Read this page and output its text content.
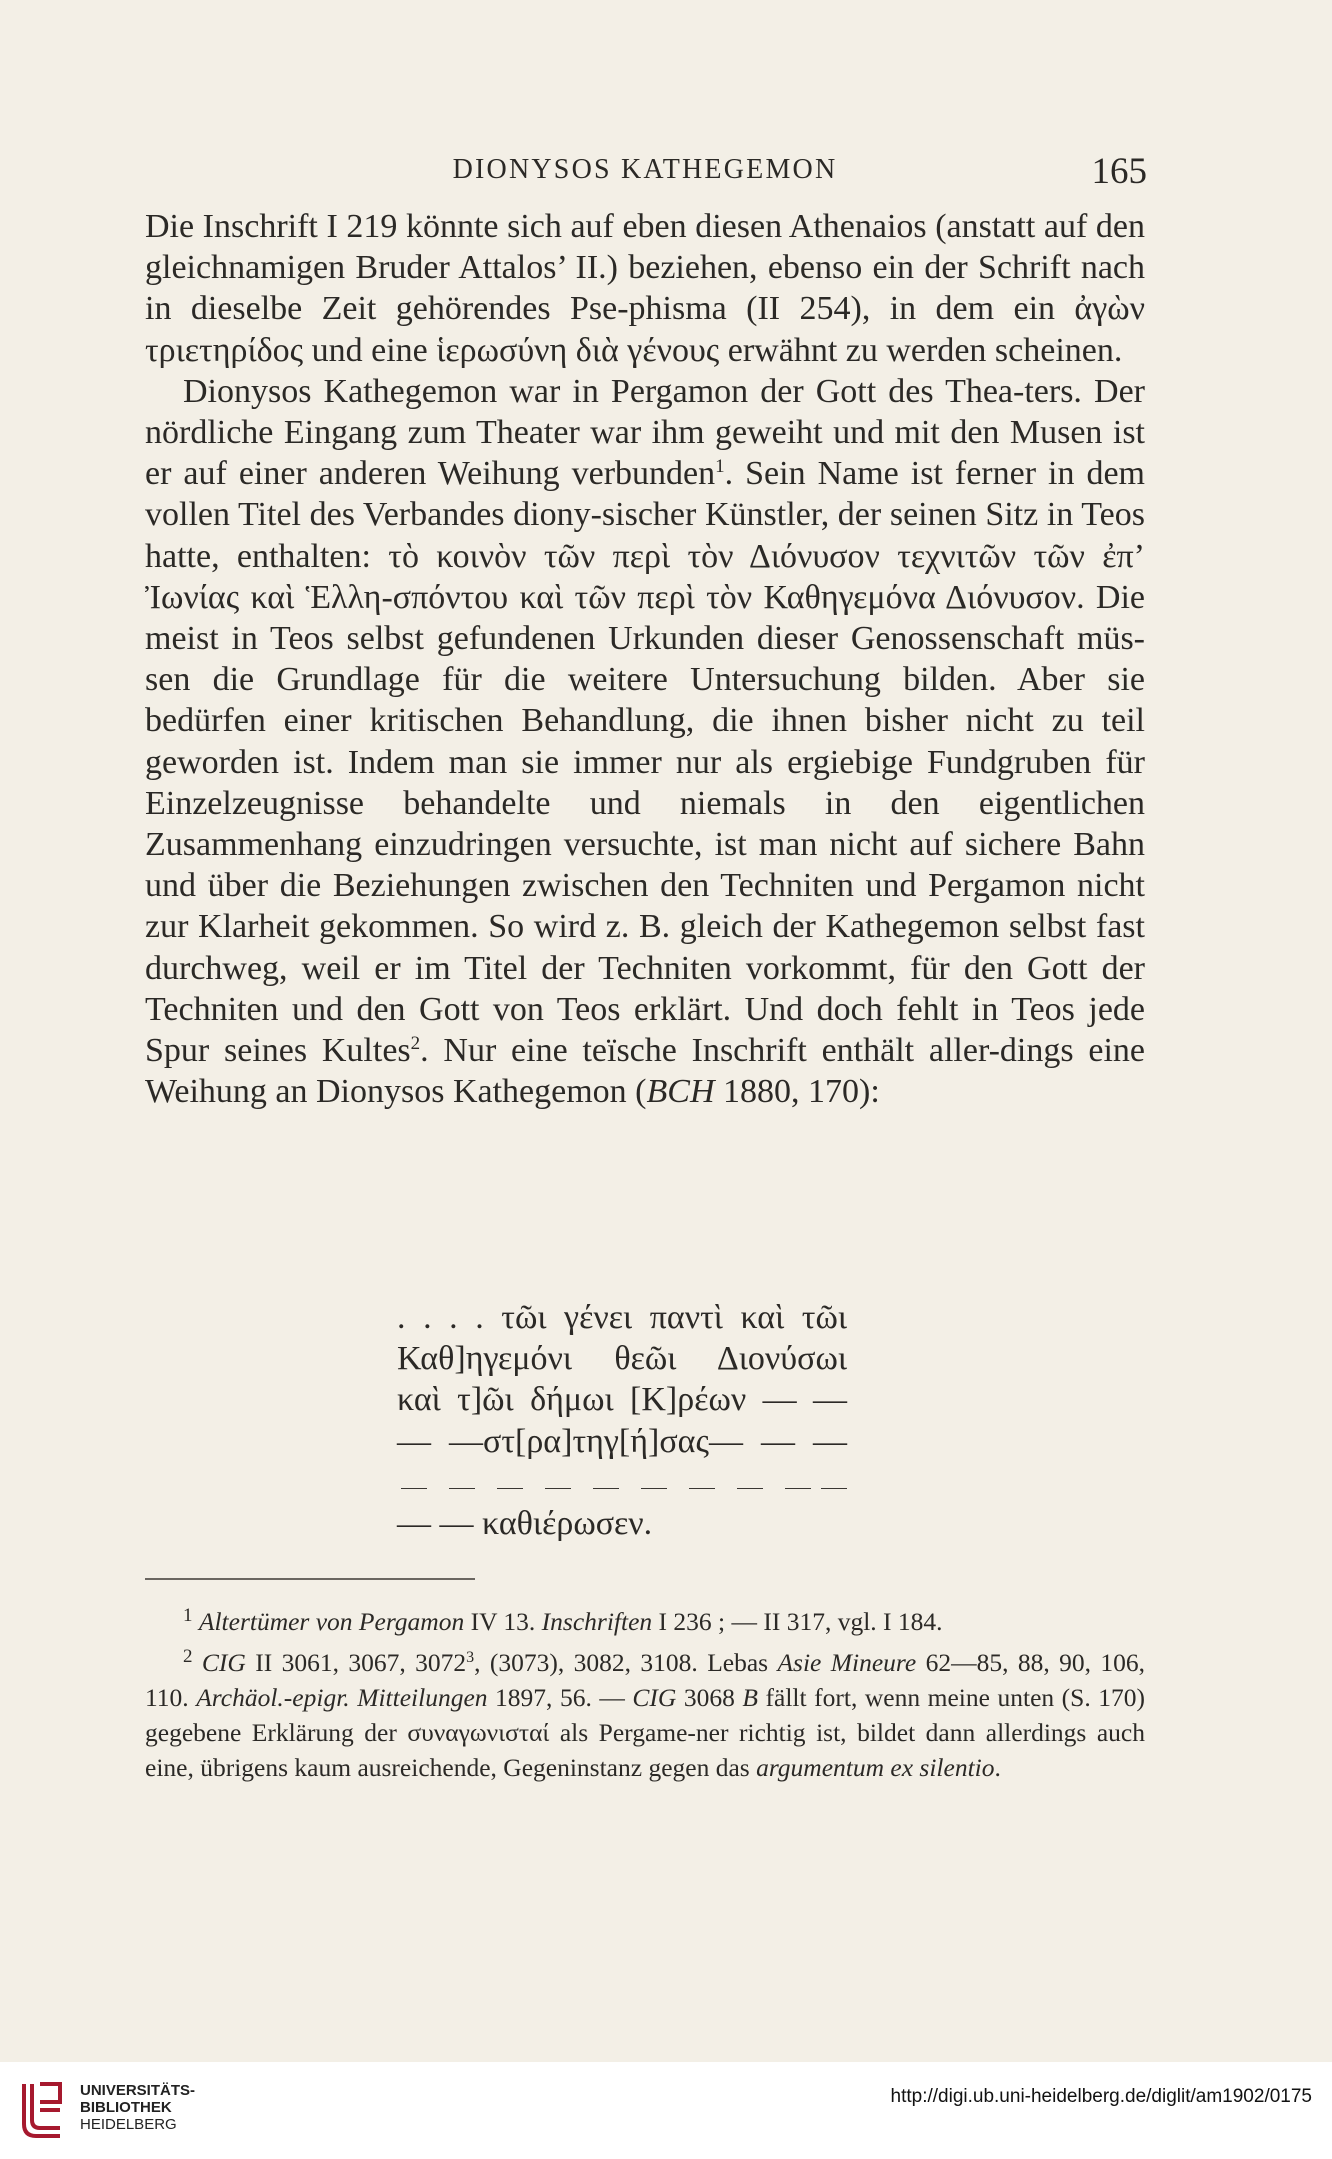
DIONYSOS KATHEGEMON	165

Die Inschrift I 219 könnte sich auf eben diesen Athenaios (anstatt auf den gleichnamigen Bruder Attalos’ II.) beziehen, ebenso ein der Schrift nach in dieselbe Zeit gehörendes Pse-phisma (II 254), in dem ein ἀγὼν τριετηρίδος und eine ἱερωσύνη διὰ γένους erwähnt zu werden scheinen.

Dionysos Kathegemon war in Pergamon der Gott des Thea-ters. Der nördliche Eingang zum Theater war ihm geweiht und mit den Musen ist er auf einer anderen Weihung verbunden$^1$. Sein Name ist ferner in dem vollen Titel des Verbandes diony-sischer Künstler, der seinen Sitz in Teos hatte, enthalten: τὸ κοινὸν τῶν περὶ τὸν Διόνυσον τεχνιτῶν τῶν ἐπ’ Ἰωνίας καὶ Ἑλλη-σπόντου καὶ τῶν περὶ τὸν Καθηγεμόνα Διόνυσον. Die meist in Teos selbst gefundenen Urkunden dieser Genossenschaft müs-sen die Grundlage für die weitere Untersuchung bilden. Aber sie bedürfen einer kritischen Behandlung, die ihnen bisher nicht zu teil geworden ist. Indem man sie immer nur als ergiebige Fundgruben für Einzelzeugnisse behandelte und niemals in den eigentlichen Zusammenhang einzudringen versuchte, ist man nicht auf sichere Bahn und über die Beziehungen zwischen den Techniten und Pergamon nicht zur Klarheit gekommen. So wird z. B. gleich der Kathegemon selbst fast durchweg, weil er im Titel der Techniten vorkommt, für den Gott der Techniten und den Gott von Teos erklärt. Und doch fehlt in Teos jede Spur seines Kultes$^2$. Nur eine teïsche Inschrift enthält aller-dings eine Weihung an Dionysos Kathegemon (BCH 1880, 170):

. . . . τῶι γένει παντὶ καὶ τῶι
Καθ]ηγεμόνι θεῶι Διονύσωι
καὶ τ]ῶι δήμωι [Κ]ρέων — —
— —στ[ρα]τηγ[ή]σας— — —
— — καθιέρωσεν.

$^1$ Altertümer von Pergamon IV 13. Inschriften I 236 ; — II 317, vgl. I 184.

$^2$ CIG II 3061, 3067, 3072$^3$, (3073), 3082, 3108. Lebas Asie Mineure 62—85, 88, 90, 106, 110. Archäol.-epigr. Mitteilungen 1897, 56. — CIG 3068 B fällt fort, wenn meine unten (S. 170) gegebene Erklärung der συναγωνισταί als Pergame-ner richtig ist, bildet dann allerdings auch eine, übrigens kaum ausreichende, Gegeninstanz gegen das argumentum ex silentio.

UNIVERSITÄTS-
BIBLIOTHEK
HEIDELBERG
http://digi.ub.uni-heidelberg.de/diglit/am1902/0175
